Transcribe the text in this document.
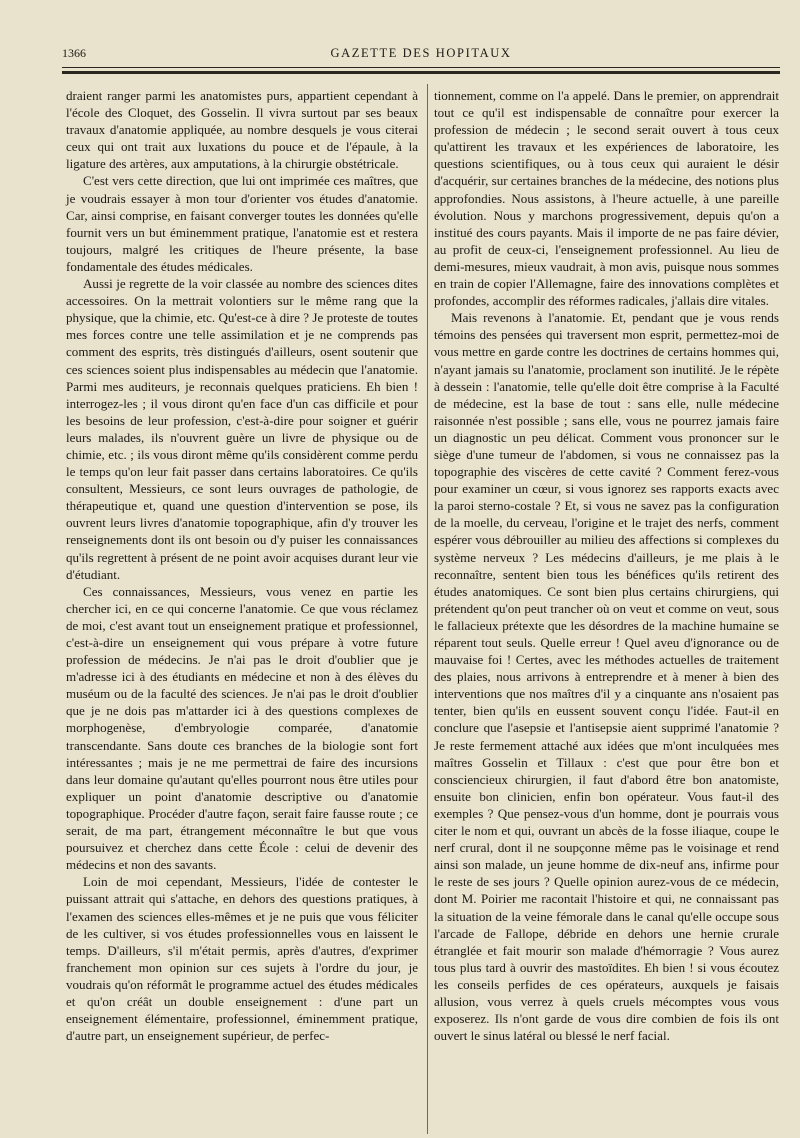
1366	GAZETTE DES HOPITAUX

draient ranger parmi les anatomistes purs, appartient cependant à l'école des Cloquet, des Gosselin. Il vivra surtout par ses beaux travaux d'anatomie appliquée, au nombre desquels je vous citerai ceux qui ont trait aux luxations du pouce et de l'épaule, à la ligature des artères, aux amputations, à la chirurgie obstétricale.

C'est vers cette direction, que lui ont imprimée ces maîtres, que je voudrais essayer à mon tour d'orienter vos études d'anatomie. Car, ainsi comprise, en faisant converger toutes les données qu'elle fournit vers un but éminemment pratique, l'anatomie est et restera toujours, malgré les critiques de l'heure présente, la base fondamentale des études médicales.

Aussi je regrette de la voir classée au nombre des sciences dites accessoires. On la mettrait volontiers sur le même rang que la physique, que la chimie, etc. Qu'est-ce à dire ? Je proteste de toutes mes forces contre une telle assimilation et je ne comprends pas comment des esprits, très distingués d'ailleurs, osent soutenir que ces sciences soient plus indispensables au médecin que l'anatomie. Parmi mes auditeurs, je reconnais quelques praticiens. Eh bien ! interrogez-les ; il vous diront qu'en face d'un cas difficile et pour les besoins de leur profession, c'est-à-dire pour soigner et guérir leurs malades, ils n'ouvrent guère un livre de physique ou de chimie, etc. ; ils vous diront même qu'ils considèrent comme perdu le temps qu'on leur fait passer dans certains laboratoires. Ce qu'ils consultent, Messieurs, ce sont leurs ouvrages de pathologie, de thérapeutique et, quand une question d'intervention se pose, ils ouvrent leurs livres d'anatomie topographique, afin d'y trouver les renseignements dont ils ont besoin ou d'y puiser les connaissances qu'ils regrettent à présent de ne point avoir acquises durant leur vie d'étudiant.

Ces connaissances, Messieurs, vous venez en partie les chercher ici, en ce qui concerne l'anatomie. Ce que vous réclamez de moi, c'est avant tout un enseignement pratique et professionnel, c'est-à-dire un enseignement qui vous prépare à votre future profession de médecins. Je n'ai pas le droit d'oublier que je m'adresse ici à des étudiants en médecine et non à des élèves du muséum ou de la faculté des sciences. Je n'ai pas le droit d'oublier que je ne dois pas m'attarder ici à des questions complexes de morphogenèse, d'embryologie comparée, d'anatomie transcendante. Sans doute ces branches de la biologie sont fort intéressantes ; mais je ne me permettrai de faire des incursions dans leur domaine qu'autant qu'elles pourront nous être utiles pour expliquer un point d'anatomie descriptive ou d'anatomie topographique. Procéder d'autre façon, serait faire fausse route ; ce serait, de ma part, étrangement méconnaître le but que vous poursuivez et cherchez dans cette École : celui de devenir des médecins et non des savants.

Loin de moi cependant, Messieurs, l'idée de contester le puissant attrait qui s'attache, en dehors des questions pratiques, à l'examen des sciences elles-mêmes et je ne puis que vous féliciter de les cultiver, si vos études professionnelles vous en laissent le temps. D'ailleurs, s'il m'était permis, après d'autres, d'exprimer franchement mon opinion sur ces sujets à l'ordre du jour, je voudrais qu'on réformât le programme actuel des études médicales et qu'on créât un double enseignement : d'une part un enseignement élémentaire, professionnel, éminemment pratique, d'autre part, un enseignement supérieur, de perfec-

tionnement, comme on l'a appelé. Dans le premier, on apprendrait tout ce qu'il est indispensable de connaître pour exercer la profession de médecin ; le second serait ouvert à tous ceux qu'attirent les travaux et les expériences de laboratoire, les questions scientifiques, ou à tous ceux qui auraient le désir d'acquérir, sur certaines branches de la médecine, des notions plus approfondies. Nous assistons, à l'heure actuelle, à une pareille évolution. Nous y marchons progressivement, depuis qu'on a institué des cours payants. Mais il importe de ne pas faire dévier, au profit de ceux-ci, l'enseignement professionnel. Au lieu de demi-mesures, mieux vaudrait, à mon avis, puisque nous sommes en train de copier l'Allemagne, faire des innovations complètes et profondes, accomplir des réformes radicales, j'allais dire vitales.

Mais revenons à l'anatomie. Et, pendant que je vous rends témoins des pensées qui traversent mon esprit, permettez-moi de vous mettre en garde contre les doctrines de certains hommes qui, n'ayant jamais su l'anatomie, proclament son inutilité. Je le répète à dessein : l'anatomie, telle qu'elle doit être comprise à la Faculté de médecine, est la base de tout : sans elle, nulle médecine raisonnée n'est possible ; sans elle, vous ne pourrez jamais faire un diagnostic un peu délicat. Comment vous prononcer sur le siège d'une tumeur de l'abdomen, si vous ne connaissez pas la topographie des viscères de cette cavité ? Comment ferez-vous pour examiner un cœur, si vous ignorez ses rapports exacts avec la paroi sterno-costale ? Et, si vous ne savez pas la configuration de la moelle, du cerveau, l'origine et le trajet des nerfs, comment espérer vous débrouiller au milieu des affections si complexes du système nerveux ? Les médecins d'ailleurs, je me plais à le reconnaître, sentent bien tous les bénéfices qu'ils retirent des études anatomiques. Ce sont bien plus certains chirurgiens, qui prétendent qu'on peut trancher où on veut et comme on veut, sous le fallacieux prétexte que les désordres de la machine humaine se réparent tout seuls. Quelle erreur ! Quel aveu d'ignorance ou de mauvaise foi ! Certes, avec les méthodes actuelles de traitement des plaies, nous arrivons à entreprendre et à mener à bien des interventions que nos maîtres d'il y a cinquante ans n'osaient pas tenter, bien qu'ils en eussent souvent conçu l'idée. Faut-il en conclure que l'asepsie et l'antisepsie aient supprimé l'anatomie ? Je reste fermement attaché aux idées que m'ont inculquées mes maîtres Gosselin et Tillaux : c'est que pour être bon et consciencieux chirurgien, il faut d'abord être bon anatomiste, ensuite bon clinicien, enfin bon opérateur. Vous faut-il des exemples ? Que pensez-vous d'un homme, dont je pourrais vous citer le nom et qui, ouvrant un abcès de la fosse iliaque, coupe le nerf crural, dont il ne soupçonne même pas le voisinage et rend ainsi son malade, un jeune homme de dix-neuf ans, infirme pour le reste de ses jours ? Quelle opinion aurez-vous de ce médecin, dont M. Poirier me racontait l'histoire et qui, ne connaissant pas la situation de la veine fémorale dans le canal qu'elle occupe sous l'arcade de Fallope, débride en dehors une hernie crurale étranglée et fait mourir son malade d'hémorragie ? Vous aurez tous plus tard à ouvrir des mastoïdites. Eh bien ! si vous écoutez les conseils perfides de ces opérateurs, auxquels je faisais allusion, vous verrez à quels cruels mécomptes vous vous exposerez. Ils n'ont garde de vous dire combien de fois ils ont ouvert le sinus latéral ou blessé le nerf facial.
